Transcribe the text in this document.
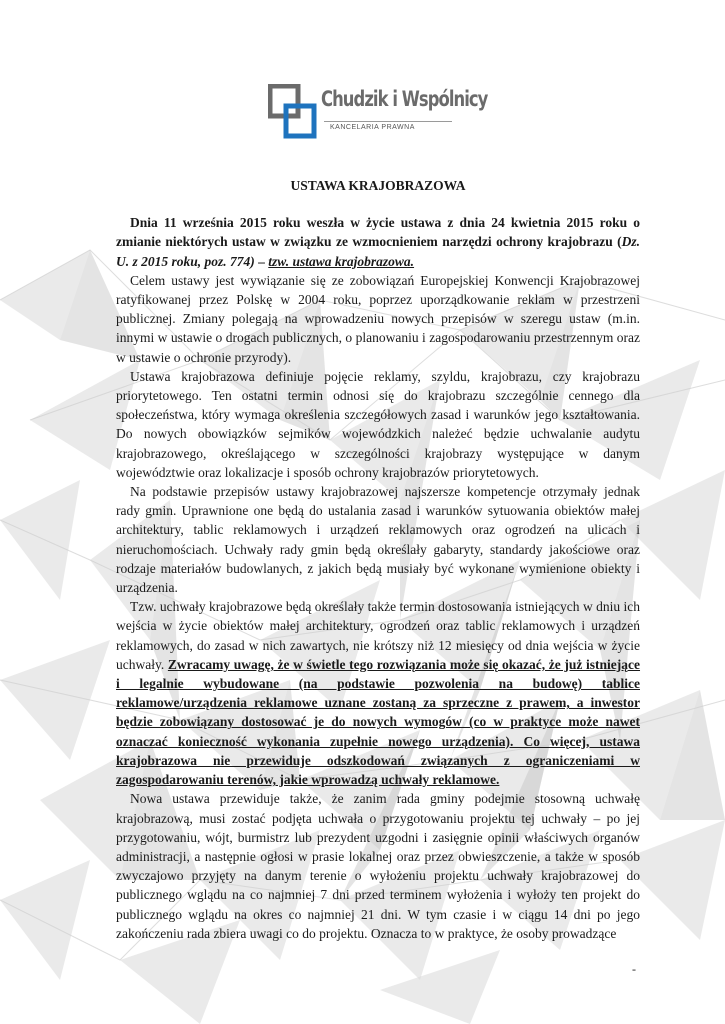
Chudzik i Wspólnicy
KANCELARIA PRAWNA
USTAWA KRAJOBRAZOWA

Dnia 11 września 2015 roku weszła w życie ustawa z dnia 24 kwietnia 2015 roku o zmianie niektórych ustaw w związku ze wzmocnieniem narzędzi ochrony krajobrazu (Dz. U. z 2015 roku, poz. 774) – tzw. ustawa krajobrazowa.

Celem ustawy jest wywiązanie się ze zobowiązań Europejskiej Konwencji Krajobrazowej ratyfikowanej przez Polskę w 2004 roku, poprzez uporządkowanie reklam w przestrzeni publicznej. Zmiany polegają na wprowadzeniu nowych przepisów w szeregu ustaw (m.in. innymi w ustawie o drogach publicznych, o planowaniu i zagospodarowaniu przestrzennym oraz w ustawie o ochronie przyrody).

Ustawa krajobrazowa definiuje pojęcie reklamy, szyldu, krajobrazu, czy krajobrazu priorytetowego. Ten ostatni termin odnosi się do krajobrazu szczególnie cennego dla społeczeństwa, który wymaga określenia szczegółowych zasad i warunków jego kształtowania. Do nowych obowiązków sejmików wojewódzkich należeć będzie uchwalanie audytu krajobrazowego, określającego w szczególności krajobrazy występujące w danym województwie oraz lokalizacje i sposób ochrony krajobrazów priorytetowych.

Na podstawie przepisów ustawy krajobrazowej najszersze kompetencje otrzymały jednak rady gmin. Uprawnione one będą do ustalania zasad i warunków sytuowania obiektów małej architektury, tablic reklamowych i urządzeń reklamowych oraz ogrodzeń na ulicach i nieruchomościach. Uchwały rady gmin będą określały gabaryty, standardy jakościowe oraz rodzaje materiałów budowlanych, z jakich będą musiały być wykonane wymienione obiekty i urządzenia.

Tzw. uchwały krajobrazowe będą określały także termin dostosowania istniejących w dniu ich wejścia w życie obiektów małej architektury, ogrodzeń oraz tablic reklamowych i urządzeń reklamowych, do zasad w nich zawartych, nie krótszy niż 12 miesięcy od dnia wejścia w życie uchwały. Zwracamy uwagę, że w świetle tego rozwiązania może się okazać, że już istniejące i legalnie wybudowane (na podstawie pozwolenia na budowę) tablice reklamowe/urządzenia reklamowe uznane zostaną za sprzeczne z prawem, a inwestor będzie zobowiązany dostosować je do nowych wymogów (co w praktyce może nawet oznaczać konieczność wykonania zupełnie nowego urządzenia). Co więcej, ustawa krajobrazowa nie przewiduje odszkodowań związanych z ograniczeniami w zagospodarowaniu terenów, jakie wprowadzą uchwały reklamowe.

Nowa ustawa przewiduje także, że zanim rada gminy podejmie stosowną uchwałę krajobrazową, musi zostać podjęta uchwała o przygotowaniu projektu tej uchwały – po jej przygotowaniu, wójt, burmistrz lub prezydent uzgodni i zasięgnie opinii właściwych organów administracji, a następnie ogłosi w prasie lokalnej oraz przez obwieszczenie, a także w sposób zwyczajowo przyjęty na danym terenie o wyłożeniu projektu uchwały krajobrazowej do publicznego wglądu na co najmniej 7 dni przed terminem wyłożenia i wyłoży ten projekt do publicznego wglądu na okres co najmniej 21 dni. W tym czasie i w ciągu 14 dni po jego zakończeniu rada zbiera uwagi co do projektu. Oznacza to w praktyce, że osoby prowadzące

-
